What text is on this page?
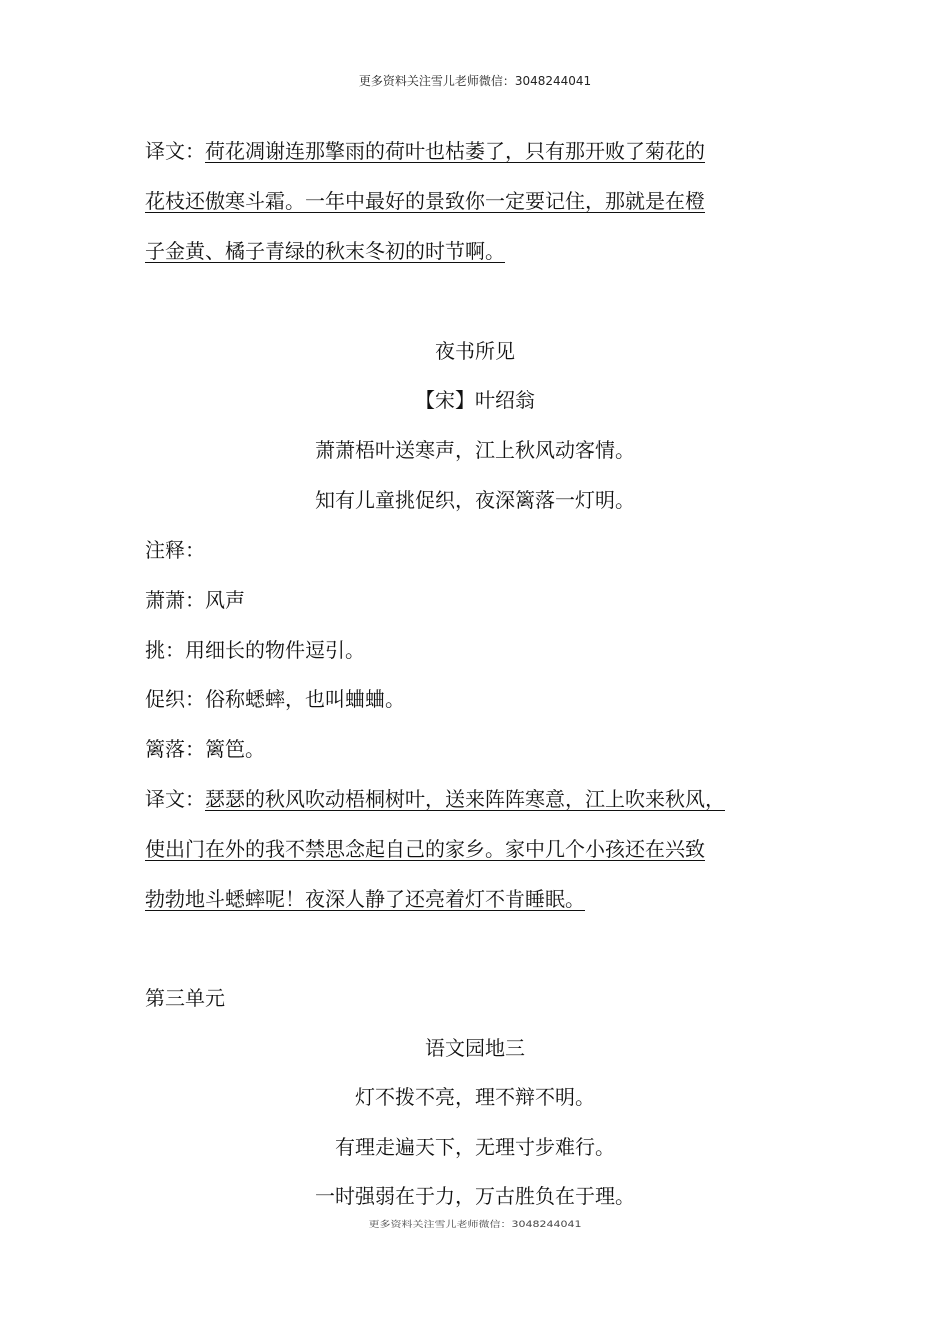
更多资料关注雪儿老师微信：3048244041
译文：荷花凋谢连那擎雨的荷叶也枯萎了，只有那开败了菊花的
花枝还傲寒斗霜。一年中最好的景致你一定要记住，那就是在橙
子金黄、橘子青绿的秋末冬初的时节啊。
夜书所见
【宋】叶绍翁
萧萧梧叶送寒声，江上秋风动客情。
知有儿童挑促织，夜深篱落一灯明。
注释：
萧萧：风声
挑：用细长的物件逗引。
促织：俗称蟋蟀，也叫蛐蛐。
篱落：篱笆。
译文：瑟瑟的秋风吹动梧桐树叶，送来阵阵寒意，江上吹来秋风，
使出门在外的我不禁思念起自己的家乡。家中几个小孩还在兴致
勃勃地斗蟋蟀呢！夜深人静了还亮着灯不肯睡眠。
第三单元
语文园地三
灯不拨不亮，理不辩不明。
有理走遍天下，无理寸步难行。
一时强弱在于力，万古胜负在于理。
更多资料关注雪儿老师微信：3048244041
